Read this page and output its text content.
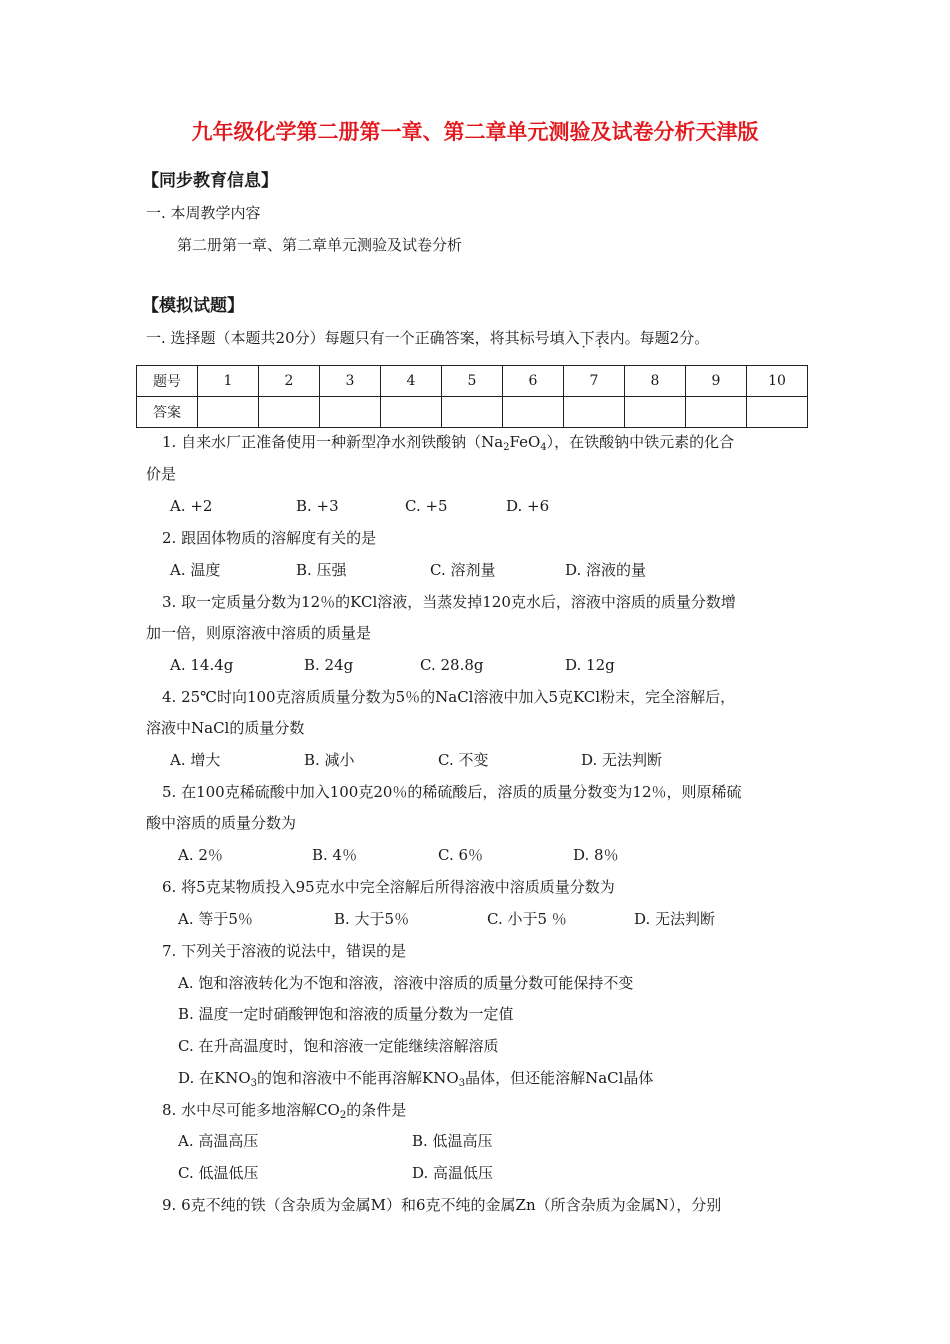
九年级化学第二册第一章、第二章单元测验及试卷分析天津版
【同步教育信息】
一. 本周教学内容
第二册第一章、第二章单元测验及试卷分析
【模拟试题】
一. 选择题（本题共20分）每题只有一个正确答案，将其标号填入下表 · ·内。每题2分。
题号	1	2	3	4	5	6	7	8	9	10
答案										
1. 自来水厂正准备使用一种新型净水剂铁酸钠$(Na_2FeO_4)$，在铁酸钠中铁元素的化合
价是
A. +2	B. +3	C. +5	D. +6
2. 跟固体物质的溶解度有关的是
A. 温度	B. 压强	C. 溶剂量	D. 溶液的量
3. 取一定质量分数为12％的KCl溶液，当蒸发掉120克水后，溶液中溶质的质量分数增
加一倍，则原溶液中溶质的质量是
A. 14.4g	B. 24g	C. 28.8g	D. 12g
4. 25℃时向100克溶质质量分数为5％的NaCl溶液中加入5克KCl粉末，完全溶解后，
溶液中NaCl的质量分数
A. 增大	B. 减小	C. 不变	D. 无法判断
5. 在100克稀硫酸中加入100克20％的稀硫酸后，溶质的质量分数变为12％，则原稀硫
酸中溶质的质量分数为
A. 2％	B. 4％	C. 6％	D. 8％
6. 将5克某物质投入95克水中完全溶解后所得溶液中溶质质量分数为
A. 等于5％	B. 大于5％	C. 小于5 ％	D. 无法判断
7. 下列关于溶液的说法中，错误的是
A. 饱和溶液转化为不饱和溶液，溶液中溶质的质量分数可能保持不变
B. 温度一定时硝酸钾饱和溶液的质量分数为一定值
C. 在升高温度时，饱和溶液一定能继续溶解溶质
D. 在$KNO_3$的饱和溶液中不能再溶解$KNO_3$晶体，但还能溶解NaCl晶体
8. 水中尽可能多地溶解$CO_2$的条件是
A. 高温高压	B. 低温高压
C. 低温低压	D. 高温低压
9. 6克不纯的铁（含杂质为金属M）和6克不纯的金属Zn（所含杂质为金属N），分别
